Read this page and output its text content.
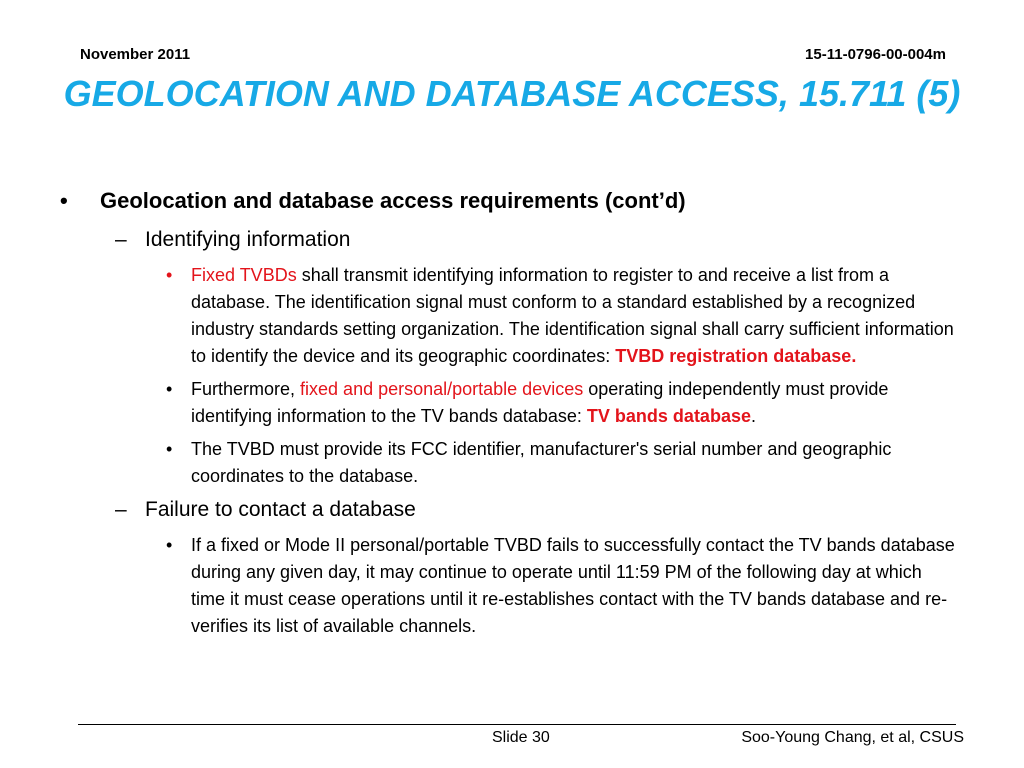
November 2011	15-11-0796-00-004m
GEOLOCATION AND DATABASE ACCESS, 15.711 (5)
• Geolocation and database access requirements (cont’d)
– Identifying information
• Fixed TVBDs shall transmit identifying information to register to and receive a list from a database. The identification signal must conform to a standard established by a recognized industry standards setting organization. The identification signal shall carry sufficient information to identify the device and its geographic coordinates: TVBD registration database.
• Furthermore, fixed and personal/portable devices operating independently must provide identifying information to the TV bands database: TV bands database.
• The TVBD must provide its FCC identifier, manufacturer's serial number and geographic coordinates to the database.
– Failure to contact a database
• If a fixed or Mode II personal/portable TVBD fails to successfully contact the TV bands database during any given day, it may continue to operate until 11:59 PM of the following day at which time it must cease operations until it re-establishes contact with the TV bands database and re-verifies its list of available channels.
Slide 30	Soo-Young Chang, et al, CSUS
